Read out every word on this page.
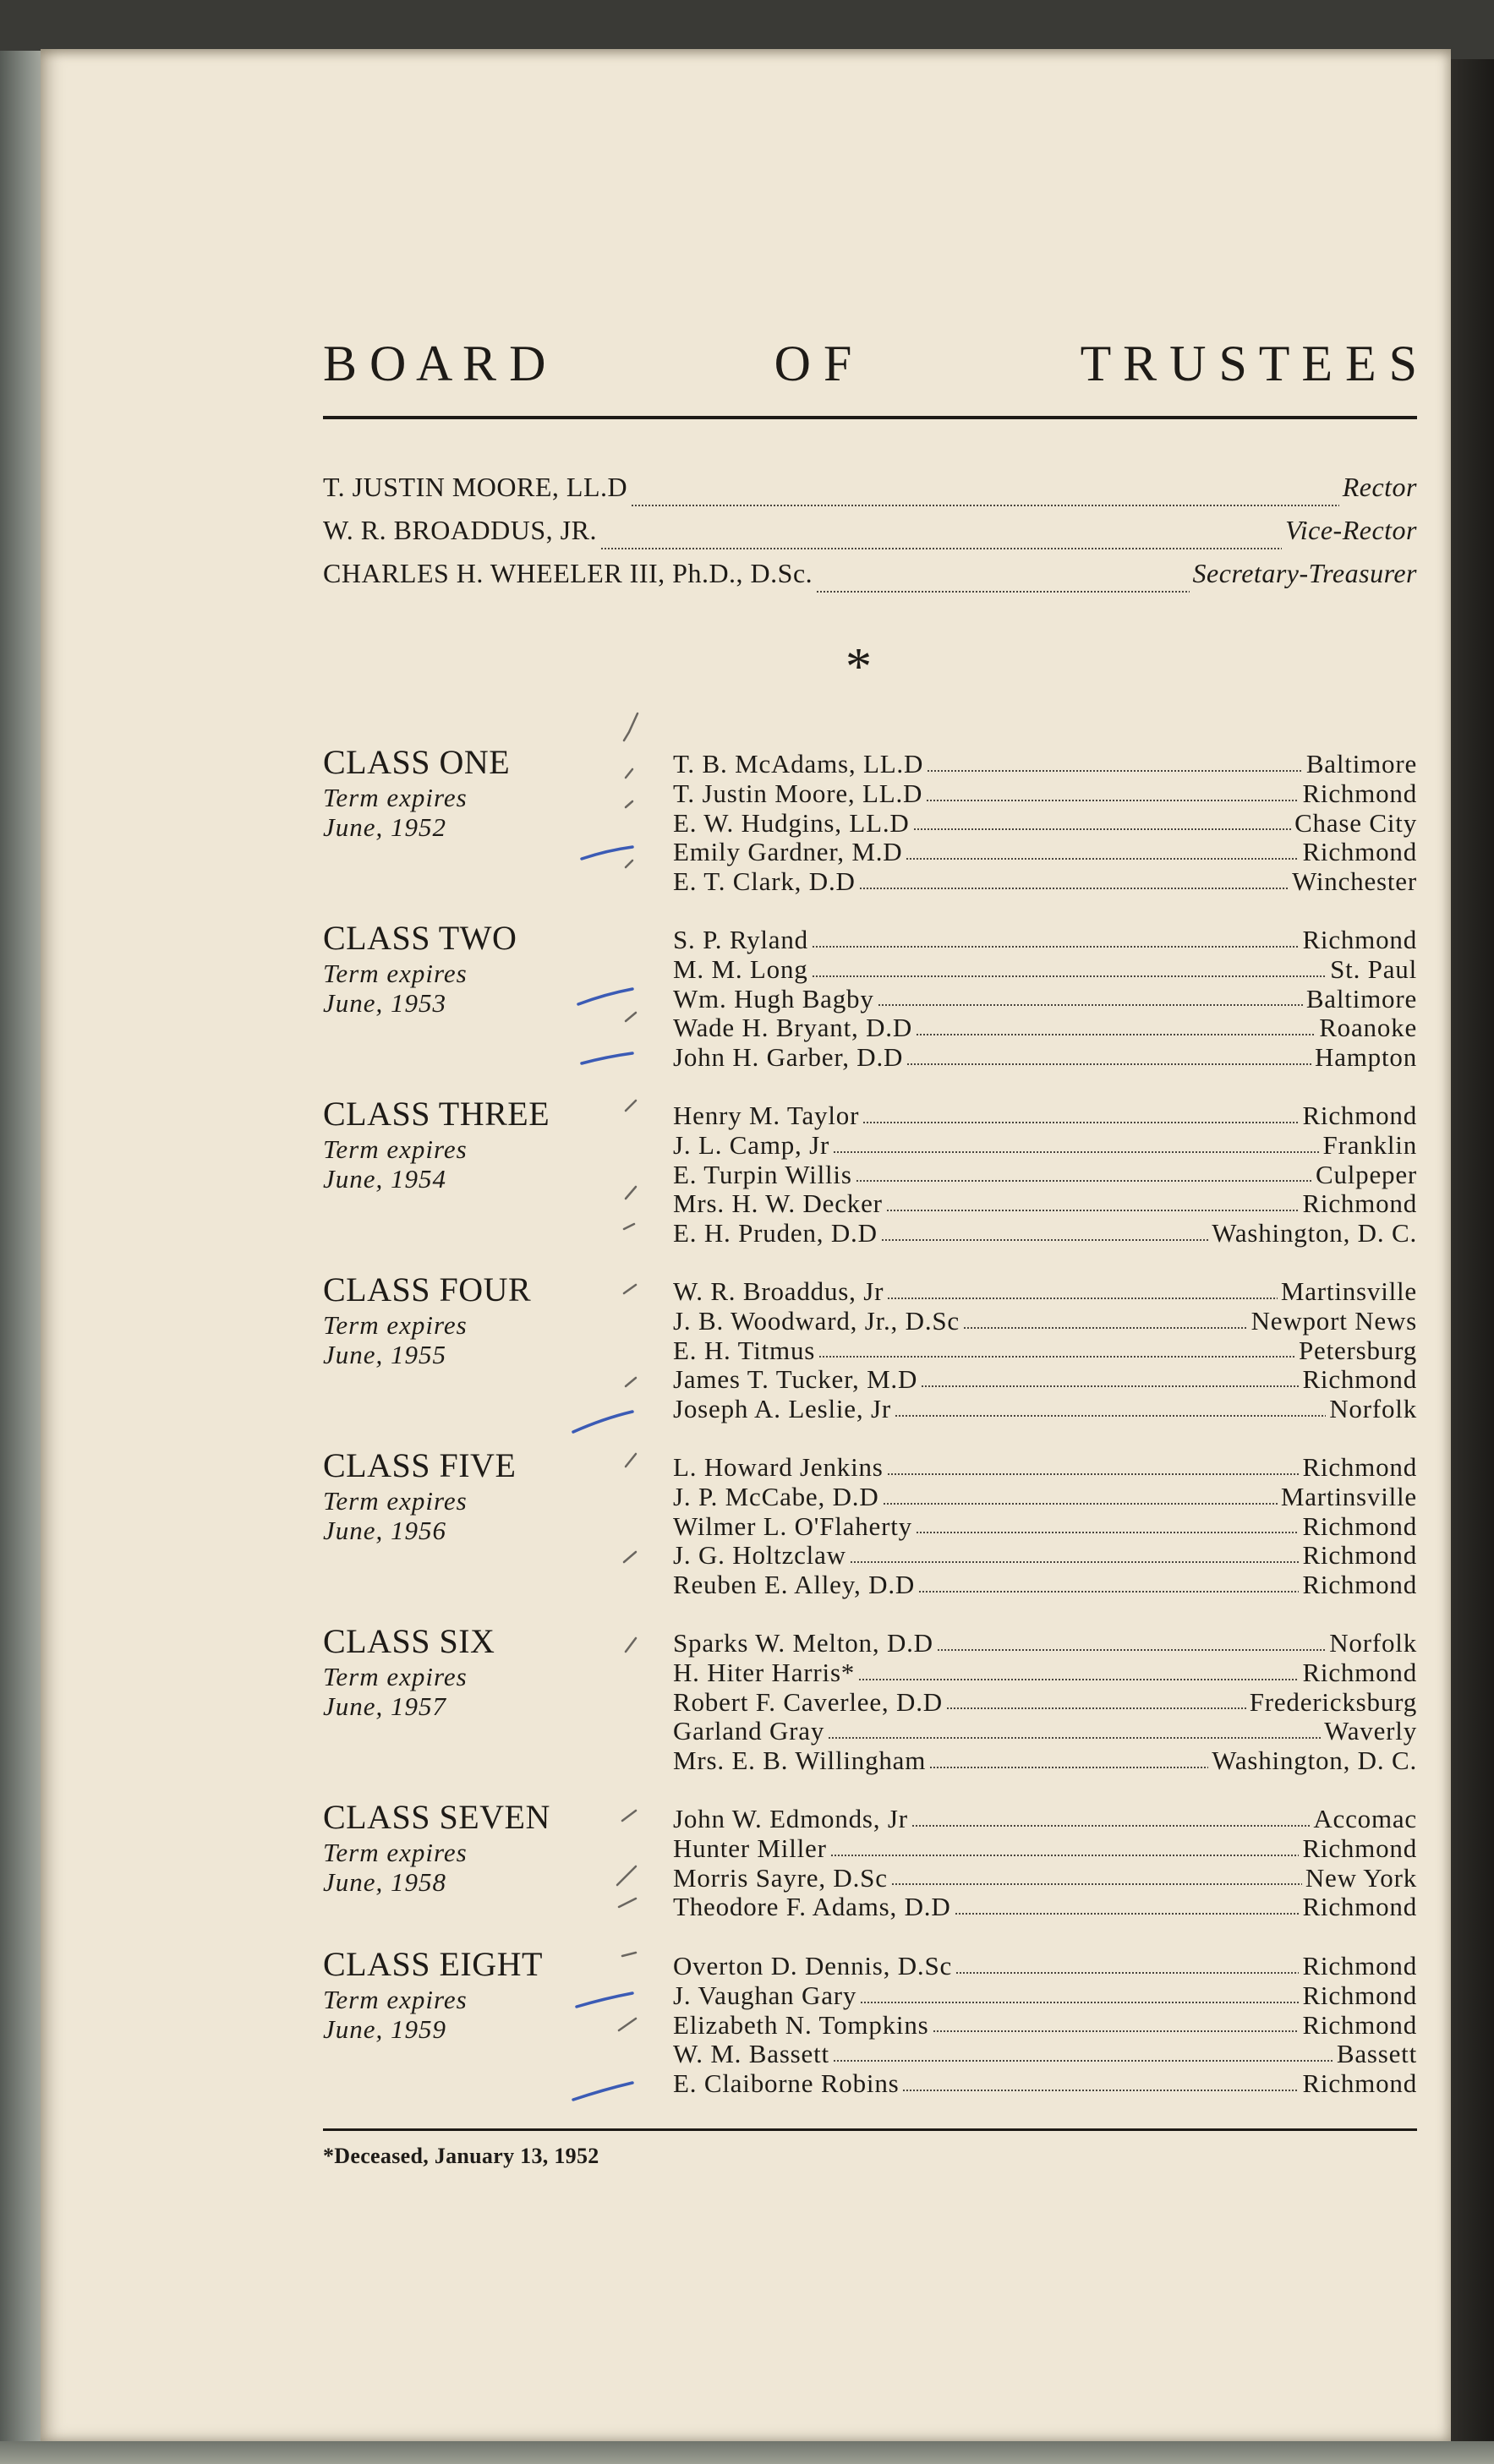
B O A R D	O F	T R U S T E E S
T. JUSTIN MOORE, LL.D	Rector
W. R. BROADDUS, JR.	Vice-Rector
CHARLES H. WHEELER III, Ph.D., D.Sc.	Secretary-Treasurer
*
CLASS ONE
Term expires
June, 1952
T. B. McAdams, LL.D	Baltimore
T. Justin Moore, LL.D	Richmond
E. W. Hudgins, LL.D	Chase City
Emily Gardner, M.D	Richmond
E. T. Clark, D.D	Winchester
CLASS TWO
Term expires
June, 1953
S. P. Ryland	Richmond
M. M. Long	St. Paul
Wm. Hugh Bagby	Baltimore
Wade H. Bryant, D.D	Roanoke
John H. Garber, D.D	Hampton
CLASS THREE
Term expires
June, 1954
Henry M. Taylor	Richmond
J. L. Camp, Jr	Franklin
E. Turpin Willis	Culpeper
Mrs. H. W. Decker	Richmond
E. H. Pruden, D.D	Washington, D. C.
CLASS FOUR
Term expires
June, 1955
W. R. Broaddus, Jr	Martinsville
J. B. Woodward, Jr., D.Sc	Newport News
E. H. Titmus	Petersburg
James T. Tucker, M.D	Richmond
Joseph A. Leslie, Jr	Norfolk
CLASS FIVE
Term expires
June, 1956
L. Howard Jenkins	Richmond
J. P. McCabe, D.D	Martinsville
Wilmer L. O'Flaherty	Richmond
J. G. Holtzclaw	Richmond
Reuben E. Alley, D.D	Richmond
CLASS SIX
Term expires
June, 1957
Sparks W. Melton, D.D	Norfolk
H. Hiter Harris*	Richmond
Robert F. Caverlee, D.D	Fredericksburg
Garland Gray	Waverly
Mrs. E. B. Willingham	Washington, D. C.
CLASS SEVEN
Term expires
June, 1958
John W. Edmonds, Jr	Accomac
Hunter Miller	Richmond
Morris Sayre, D.Sc	New York
Theodore F. Adams, D.D	Richmond
CLASS EIGHT
Term expires
June, 1959
Overton D. Dennis, D.Sc	Richmond
J. Vaughan Gary	Richmond
Elizabeth N. Tompkins	Richmond
W. M. Bassett	Bassett
E. Claiborne Robins	Richmond
*Deceased, January 13, 1952
